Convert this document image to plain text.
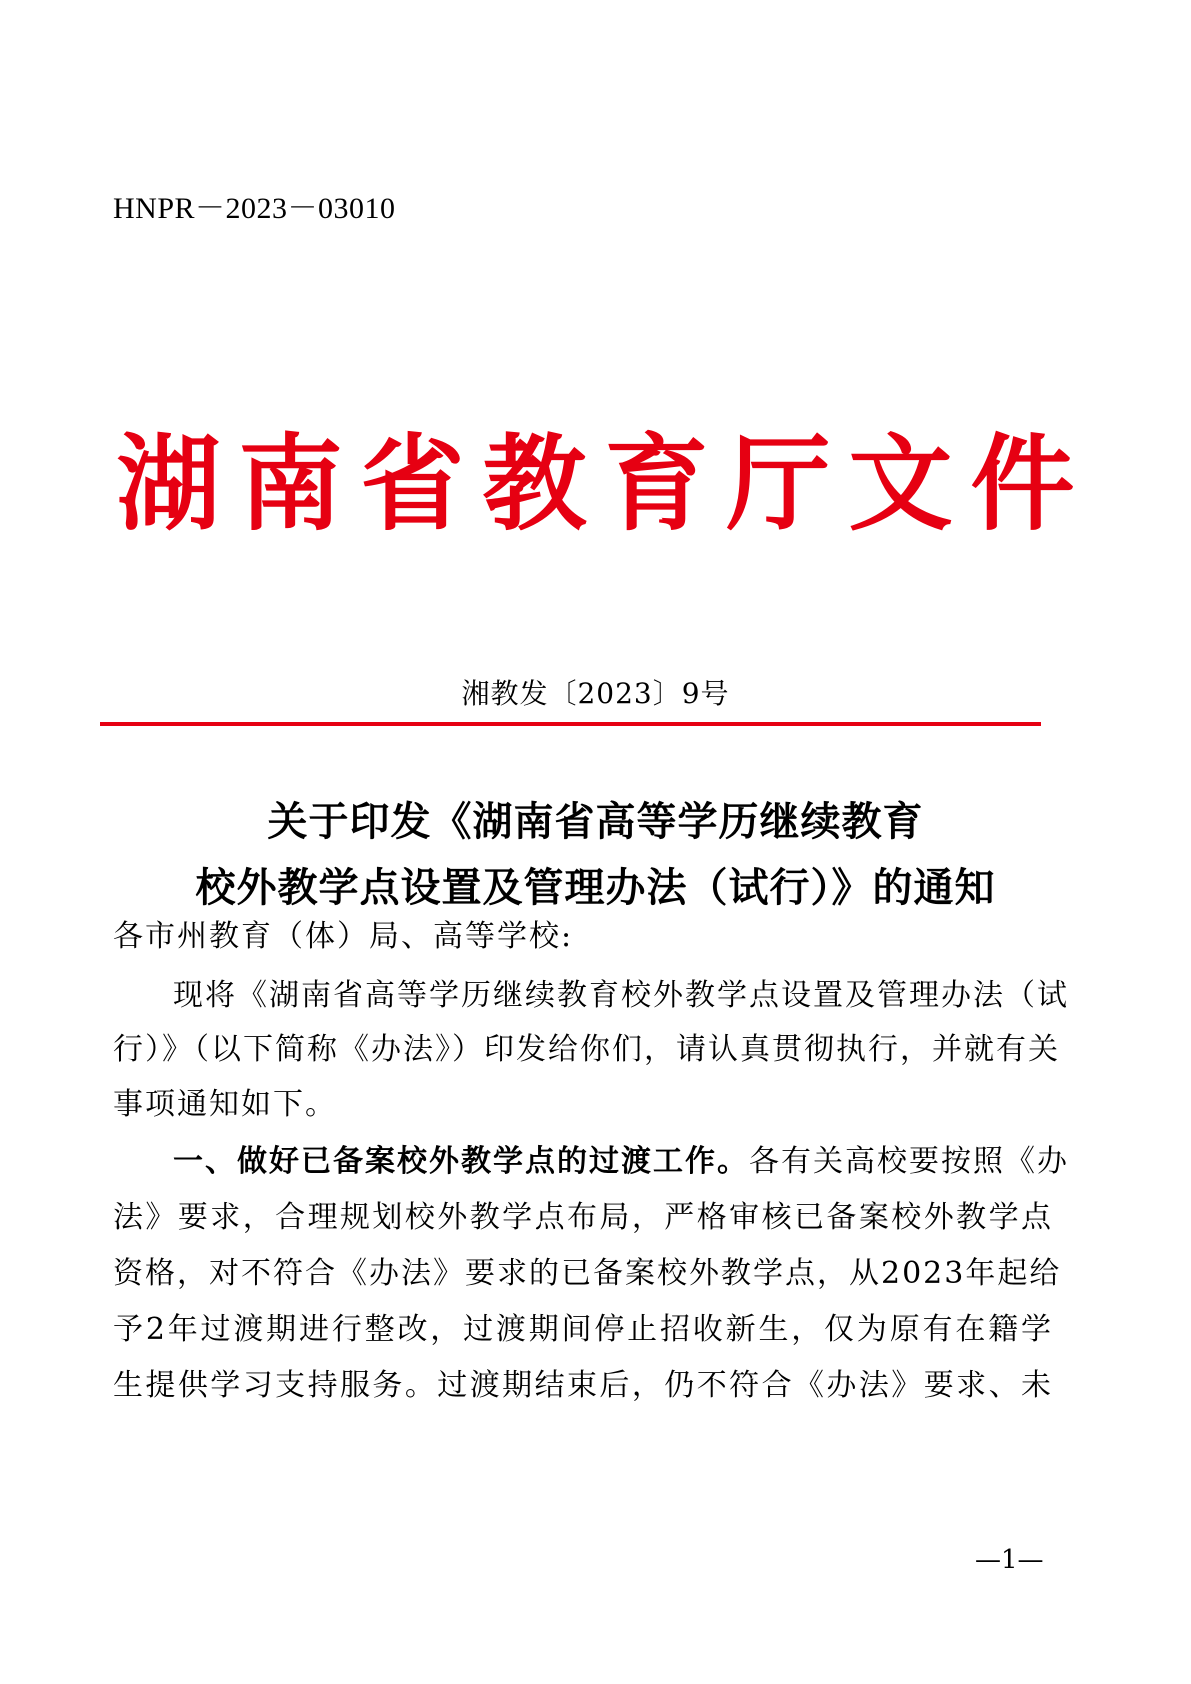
HNPR－2023－03010
湖南省教育厅文件
湘教发〔2023〕9号
关于印发《湖南省高等学历继续教育
校外教学点设置及管理办法（试行）》的通知
各市州教育（体）局、高等学校:
现将《湖南省高等学历继续教育校外教学点设置及管理办法（试
行）》（以下简称《办法》）印发给你们，请认真贯彻执行，并就有关
事项通知如下。
一、做好已备案校外教学点的过渡工作。各有关高校要按照《办
法》要求，合理规划校外教学点布局，严格审核已备案校外教学点
资格，对不符合《办法》要求的已备案校外教学点，从2023年起给
予2年过渡期进行整改，过渡期间停止招收新生，仅为原有在籍学
生提供学习支持服务。过渡期结束后，仍不符合《办法》要求、未
—1—
